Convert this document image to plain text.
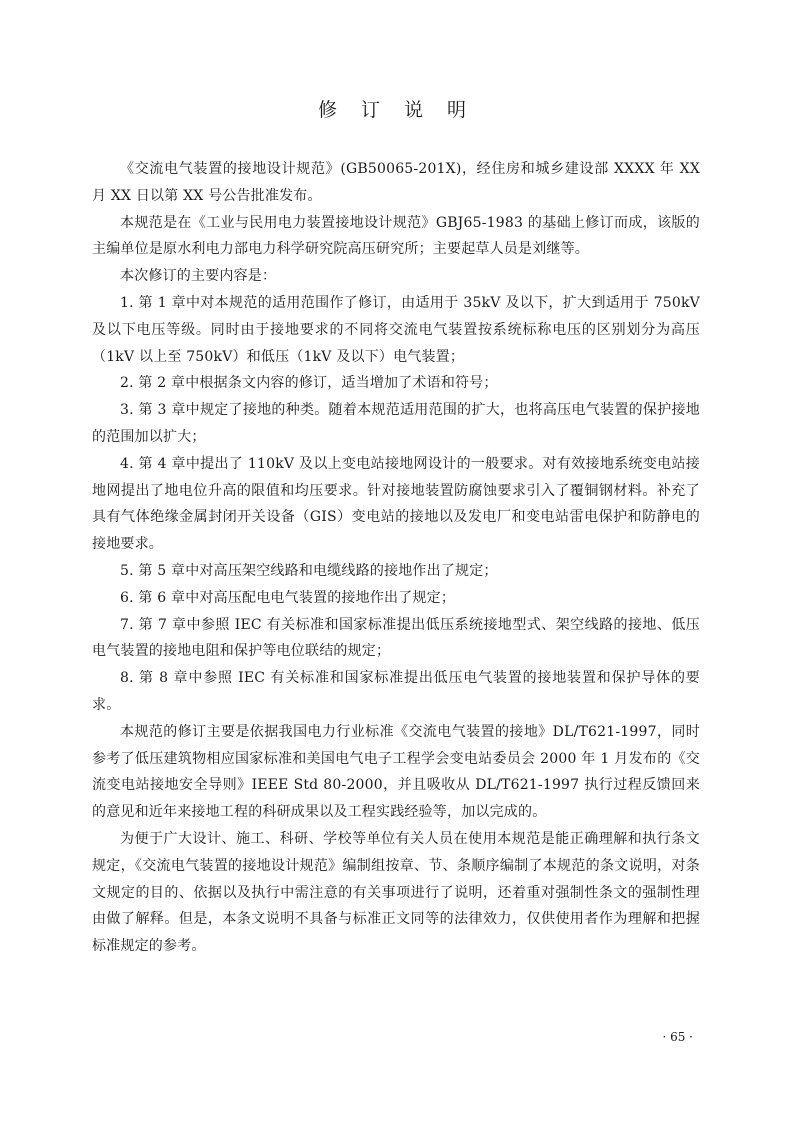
修 订 说 明

《交流电气装置的接地设计规范》(GB50065-201X)，经住房和城乡建设部 XXXX 年 XX 月 XX 日以第 XX 号公告批准发布。

本规范是在《工业与民用电力装置接地设计规范》GBJ65-1983 的基础上修订而成，该版的主编单位是原水利电力部电力科学研究院高压研究所；主要起草人员是刘继等。

本次修订的主要内容是：

1. 第 1 章中对本规范的适用范围作了修订，由适用于 35kV 及以下，扩大到适用于 750kV 及以下电压等级。同时由于接地要求的不同将交流电气装置按系统标称电压的区别划分为高压（1kV 以上至 750kV）和低压（1kV 及以下）电气装置；

2. 第 2 章中根据条文内容的修订，适当增加了术语和符号；

3. 第 3 章中规定了接地的种类。随着本规范适用范围的扩大，也将高压电气装置的保护接地的范围加以扩大；

4. 第 4 章中提出了 110kV 及以上变电站接地网设计的一般要求。对有效接地系统变电站接地网提出了地电位升高的限值和均压要求。针对接地装置防腐蚀要求引入了覆铜钢材料。补充了具有气体绝缘金属封闭开关设备（GIS）变电站的接地以及发电厂和变电站雷电保护和防静电的接地要求。

5. 第 5 章中对高压架空线路和电缆线路的接地作出了规定；

6. 第 6 章中对高压配电电气装置的接地作出了规定；

7. 第 7 章中参照 IEC 有关标准和国家标准提出低压系统接地型式、架空线路的接地、低压电气装置的接地电阻和保护等电位联结的规定；

8. 第 8 章中参照 IEC 有关标准和国家标准提出低压电气装置的接地装置和保护导体的要求。

本规范的修订主要是依据我国电力行业标准《交流电气装置的接地》DL/T621-1997，同时参考了低压建筑物相应国家标准和美国电气电子工程学会变电站委员会 2000 年 1 月发布的《交流变电站接地安全导则》IEEE Std 80-2000，并且吸收从 DL/T621-1997 执行过程反馈回来的意见和近年来接地工程的科研成果以及工程实践经验等，加以完成的。

为便于广大设计、施工、科研、学校等单位有关人员在使用本规范是能正确理解和执行条文规定，《交流电气装置的接地设计规范》编制组按章、节、条顺序编制了本规范的条文说明，对条文规定的目的、依据以及执行中需注意的有关事项进行了说明，还着重对强制性条文的强制性理由做了解释。但是，本条文说明不具备与标准正文同等的法律效力，仅供使用者作为理解和把握标准规定的参考。

· 65 ·
